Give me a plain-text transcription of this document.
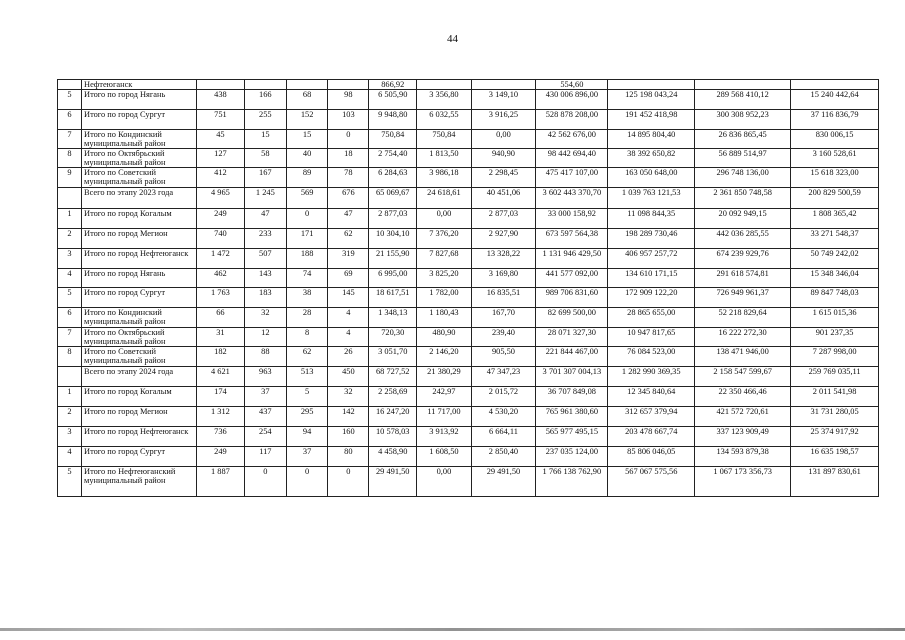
44
	Нефтеюганск					866,92			554,60			
5	Итого по город Нягань	438	166	68	98	6 505,90	3 356,80	3 149,10	430 006 896,00	125 198 043,24	289 568 410,12	15 240 442,64
6	Итого по город Сургут	751	255	152	103	9 948,80	6 032,55	3 916,25	528 878 208,00	191 452 418,98	300 308 952,23	37 116 836,79
7	Итого по Кондинский муниципальный район	45	15	15	0	750,84	750,84	0,00	42 562 676,00	14 895 804,40	26 836 865,45	830 006,15
8	Итого по Октябрьский муниципальный район	127	58	40	18	2 754,40	1 813,50	940,90	98 442 694,40	38 392 650,82	56 889 514,97	3 160 528,61
9	Итого по Советский муниципальный район	412	167	89	78	6 284,63	3 986,18	2 298,45	475 417 107,00	163 050 648,00	296 748 136,00	15 618 323,00
	Всего по этапу 2023 года	4 965	1 245	569	676	65 069,67	24 618,61	40 451,06	3 602 443 370,70	1 039 763 121,53	2 361 850 748,58	200 829 500,59
1	Итого по город Когалым	249	47	0	47	2 877,03	0,00	2 877,03	33 000 158,92	11 098 844,35	20 092 949,15	1 808 365,42
2	Итого по город Мегион	740	233	171	62	10 304,10	7 376,20	2 927,90	673 597 564,38	198 289 730,46	442 036 285,55	33 271 548,37
3	Итого по город Нефтеюганск	1 472	507	188	319	21 155,90	7 827,68	13 328,22	1 131 946 429,50	406 957 257,72	674 239 929,76	50 749 242,02
4	Итого по город Нягань	462	143	74	69	6 995,00	3 825,20	3 169,80	441 577 092,00	134 610 171,15	291 618 574,81	15 348 346,04
5	Итого по город Сургут	1 763	183	38	145	18 617,51	1 782,00	16 835,51	989 706 831,60	172 909 122,20	726 949 961,37	89 847 748,03
6	Итого по Кондинский муниципальный район	66	32	28	4	1 348,13	1 180,43	167,70	82 699 500,00	28 865 655,00	52 218 829,64	1 615 015,36
7	Итого по Октябрьский муниципальный район	31	12	8	4	720,30	480,90	239,40	28 071 327,30	10 947 817,65	16 222 272,30	901 237,35
8	Итого по Советский муниципальный район	182	88	62	26	3 051,70	2 146,20	905,50	221 844 467,00	76 084 523,00	138 471 946,00	7 287 998,00
	Всего по этапу 2024 года	4 621	963	513	450	68 727,52	21 380,29	47 347,23	3 701 307 004,13	1 282 990 369,35	2 158 547 599,67	259 769 035,11
1	Итого по город Когалым	174	37	5	32	2 258,69	242,97	2 015,72	36 707 849,08	12 345 840,64	22 350 466,46	2 011 541,98
2	Итого по город Мегион	1 312	437	295	142	16 247,20	11 717,00	4 530,20	765 961 380,60	312 657 379,94	421 572 720,61	31 731 280,05
3	Итого по город Нефтеюганск	736	254	94	160	10 578,03	3 913,92	6 664,11	565 977 495,15	203 478 667,74	337 123 909,49	25 374 917,92
4	Итого по город Сургут	249	117	37	80	4 458,90	1 608,50	2 850,40	237 035 124,00	85 806 046,05	134 593 879,38	16 635 198,57
5	Итого по Нефтеюганский муниципальный район	1 887	0	0	0	29 491,50	0,00	29 491,50	1 766 138 762,90	567 067 575,56	1 067 173 356,73	131 897 830,61
